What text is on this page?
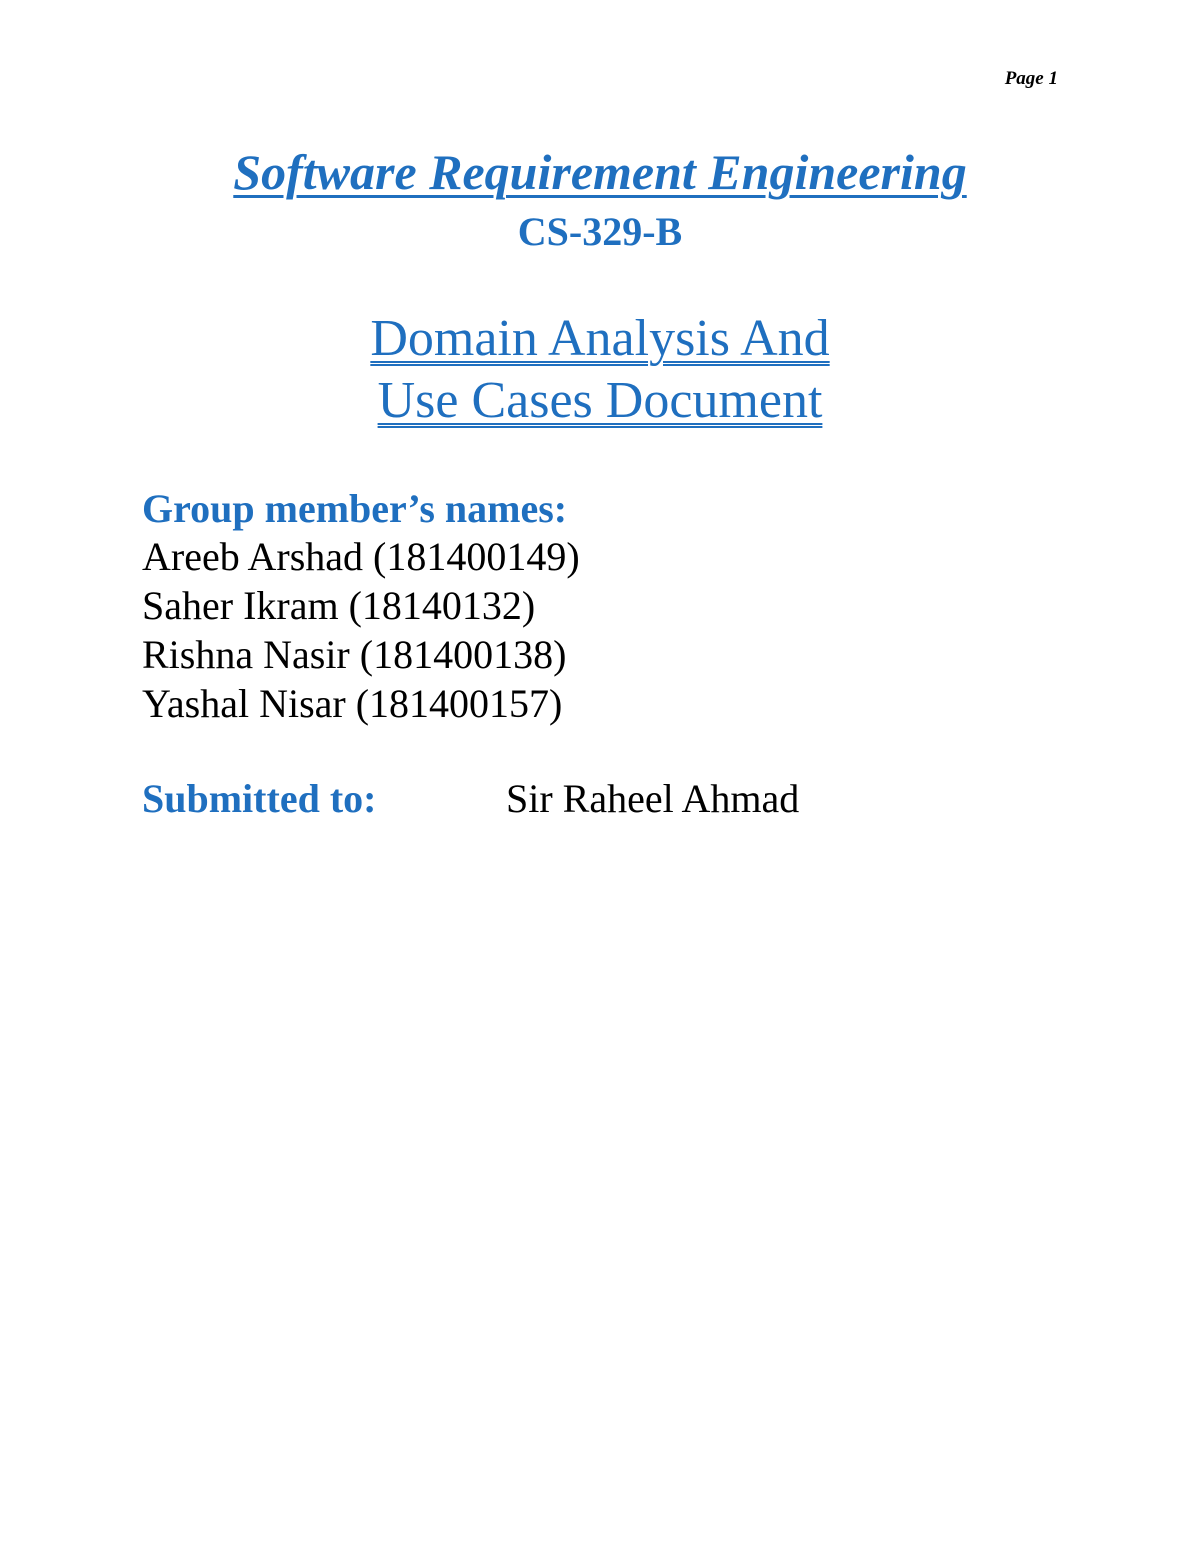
Page 1
Software Requirement Engineering
CS-329-B
Domain Analysis And
Use Cases Document
Group member’s names:
Areeb Arshad (181400149)
Saher Ikram (18140132)
Rishna Nasir (181400138)
Yashal Nisar (181400157)
Submitted to:	Sir Raheel Ahmad
